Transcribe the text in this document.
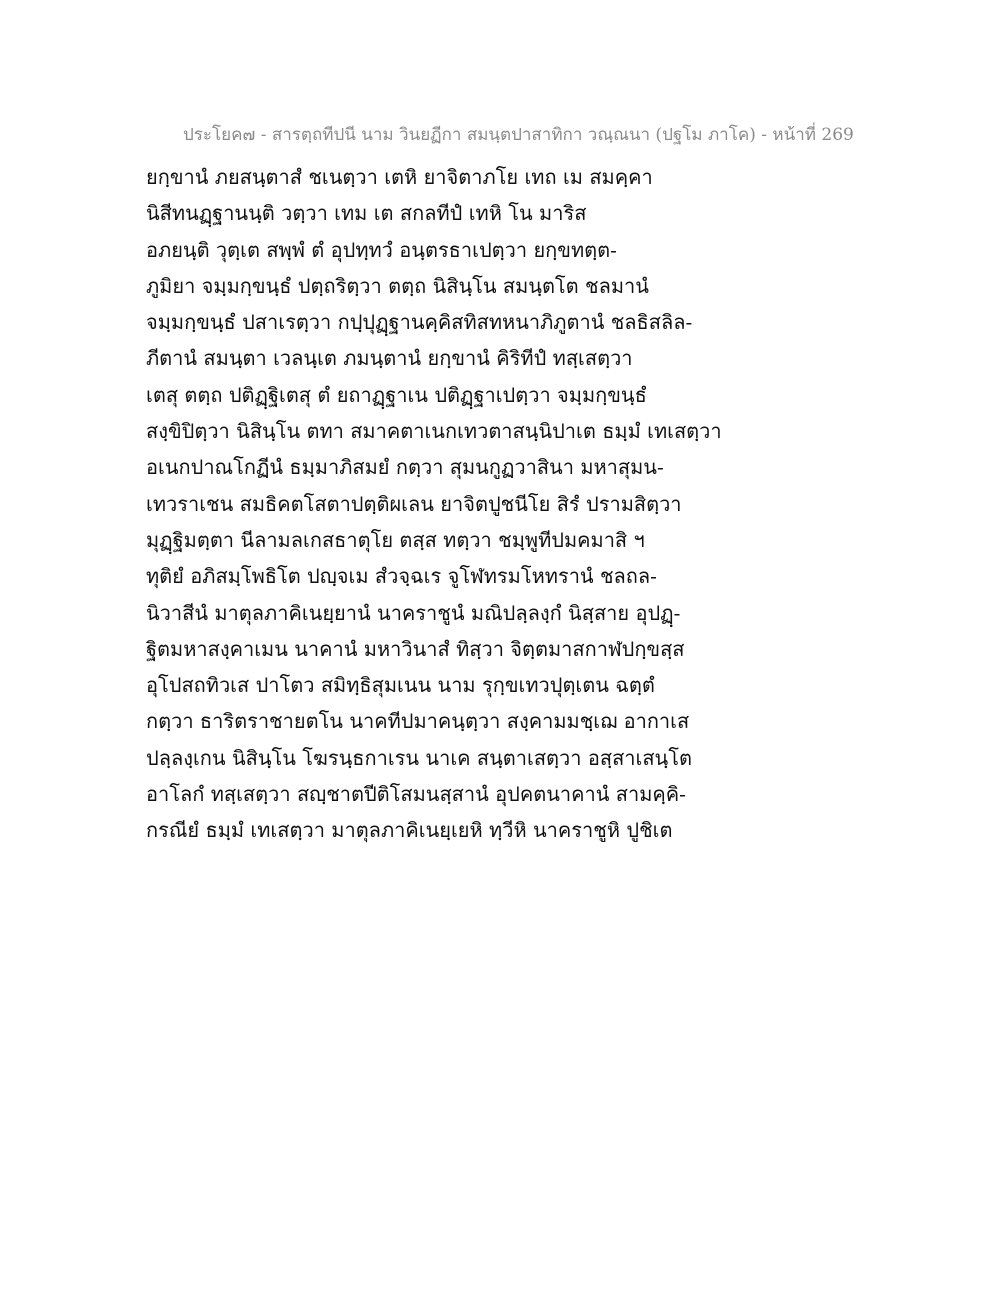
ประโยค๗ - สารตฺถทีปนี นาม วินยฏีกา สมนฺตปาสาทิกา วณฺณนา (ปฐโม ภาโค) - หน้าที่ 269
ยกฺขานํ ภยสนฺตาสํ ชเนตฺวา เตหิ ยาจิตาภโย เทถ เม สมคฺคา
นิสีทนฏฺฐานนฺติ วตฺวา เทม เต สกลทีปํ เทหิ โน มาริส
อภยนฺติ วุตฺเต สพฺพํ ตํ อุปทฺทวํ อนฺตรธาเปตฺวา ยกฺขทตฺต-
ภูมิยา จมฺมกฺขนฺธํ ปตฺถริตฺวา ตตฺถ นิสินฺโน สมนฺตโต ชลมานํ
จมฺมกฺขนฺธํ ปสาเรตฺวา กปฺปุฏฺฐานคฺคิสทิสทหนาภิภูตานํ ชลธิสลิล-
ภีตานํ สมนฺตา เวลนฺเต ภมนฺตานํ ยกฺขานํ คิริทีปํ ทสฺเสตฺวา
เตสุ ตตฺถ ปติฏฺฐิเตสุ ตํ ยถาฏฺฐาเน ปติฏฺฐาเปตฺวา จมฺมกฺขนฺธํ
สงฺขิปิตฺวา นิสินฺโน ตทา สมาคตาเนกเทวตาสนฺนิปาเต ธมฺมํ เทเสตฺวา
อเนกปาณโกฏีนํ ธมฺมาภิสมยํ กตฺวา สุมนกูฏวาสินา มหาสุมน-
เทวราเชน สมธิคตโสตาปตฺติผเลน ยาจิตปูชนีโย สิรํ ปรามสิตฺวา
มุฏฺฐิมตฺตา นีลามลเกสธาตุโย ตสฺส ทตฺวา ชมฺพูทีปมคมาสิ ฯ
ทุติยํ อภิสมฺโพธิโต ปญฺจเม สํวจฺฉเร จูโฬทรมโหทรานํ ชลถล-
นิวาสีนํ มาตุลภาคิเนยฺยานํ นาคราชูนํ มณิปลฺลงฺกํ นิสฺสาย อุปฏฺ-
ฐิตมหาสงฺคาเมน นาคานํ มหาวินาสํ ทิสฺวา จิตฺตมาสกาฬปกฺขสฺส
อุโปสถทิวเส ปาโตว สมิทฺธิสุมเนน นาม รุกฺขเทวปุตฺเตน ฉตฺตํ
กตฺวา ธาริตราชายตโน นาคทีปมาคนฺตฺวา สงฺคามมชฺเฌ อากาเส
ปลฺลงฺเกน นิสินฺโน โฆรนฺธกาเรน นาเค สนฺตาเสตฺวา อสฺสาเสนฺโต
อาโลกํ ทสฺเสตฺวา สญฺชาตปีติโสมนสฺสานํ อุปคตนาคานํ สามคฺคิ-
กรณียํ ธมฺมํ เทเสตฺวา มาตุลภาคิเนยฺเยหิ ทฺวีหิ นาคราชูหิ ปูชิเต
